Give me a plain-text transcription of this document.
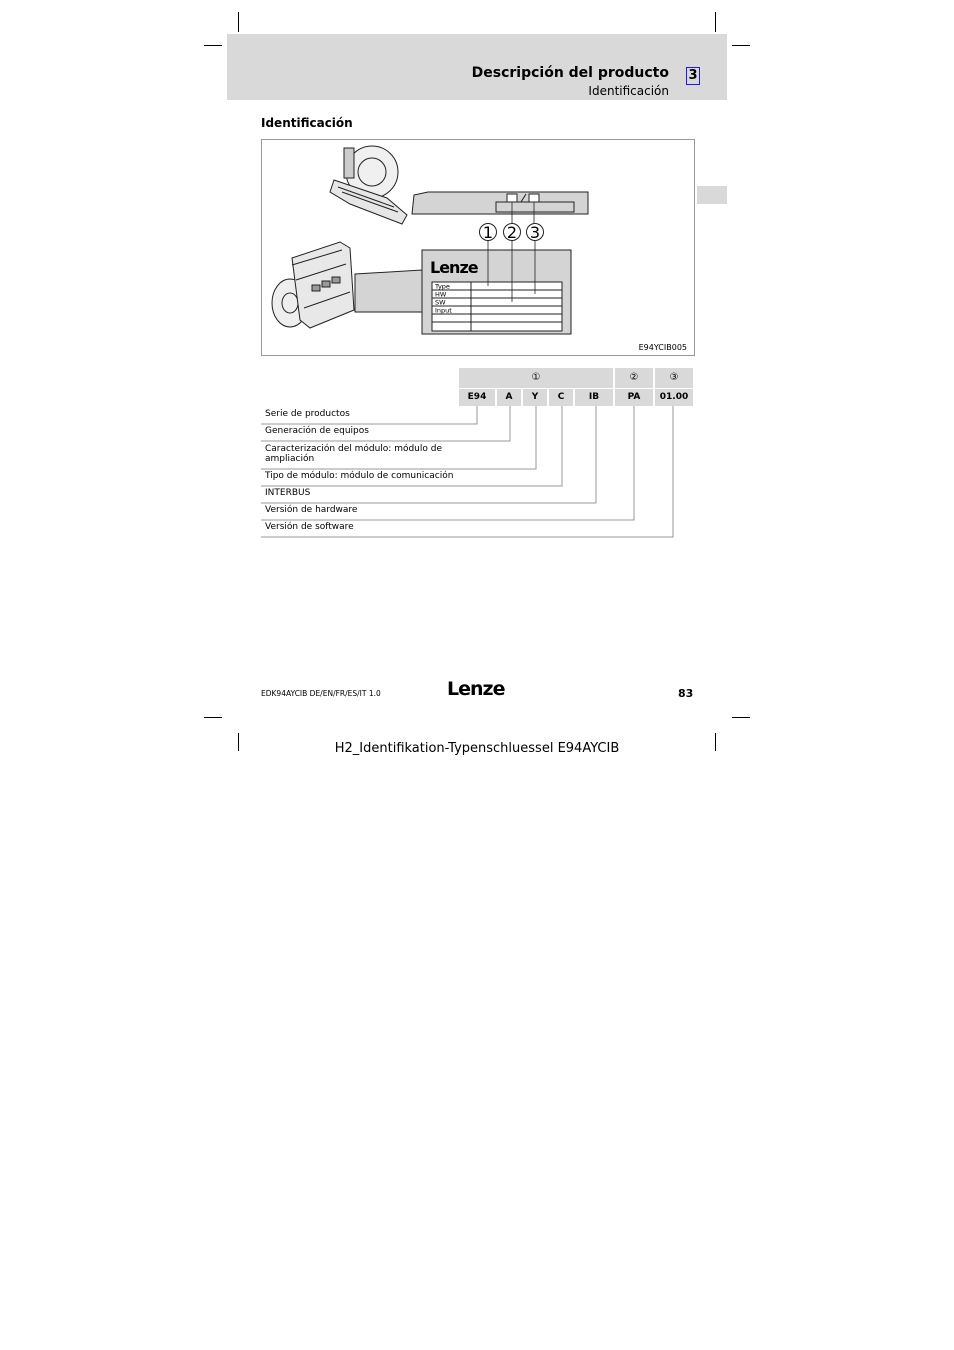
Descripción del producto
Identificación
3
Identificación
1 2 3
Lenze
Type
HW
SW
Input
E94YCIB005
①	②	③
E94	A	Y	C	IB	PA	01.00
Serie de productos
Generación de equipos
Caracterización del módulo: módulo de ampliación
Tipo de módulo: módulo de comunicación
INTERBUS
Versión de hardware
Versión de software
EDK94AYCIB DE/EN/FR/ES/IT 1.0	Lenze	83
H2_Identifikation-Typenschluessel E94AYCIB
